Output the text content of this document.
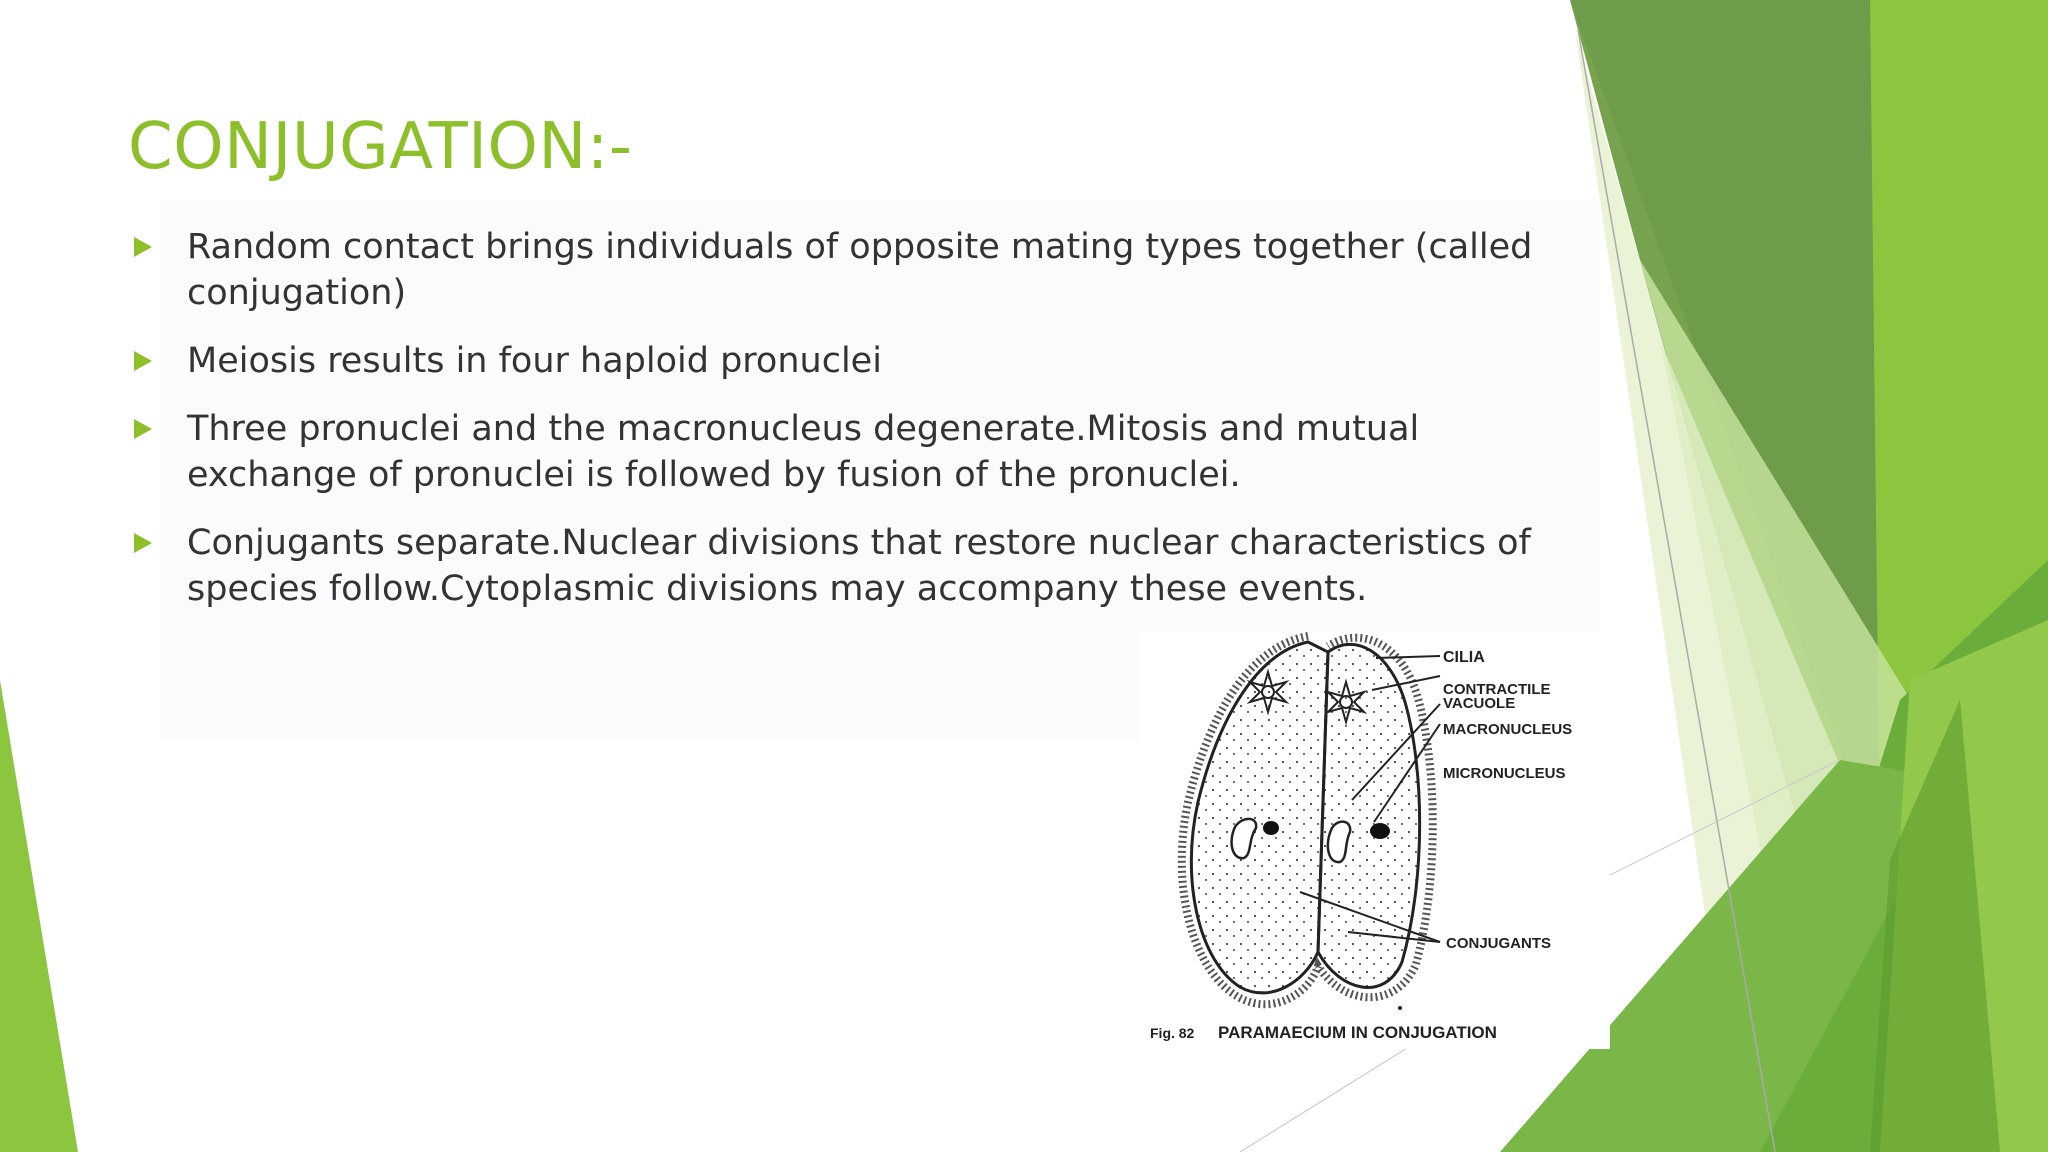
CONJUGATION:-
Random contact brings individuals of opposite mating types together (called conjugation)
Meiosis results in four haploid pronuclei
Three pronuclei and the macronucleus degenerate.Mitosis and mutual exchange of pronuclei is followed by fusion of the pronuclei.
Conjugants separate.Nuclear divisions that restore nuclear characteristics of species follow.Cytoplasmic divisions may accompany these events.
CILIA
CONTRACTILE
VACUOLE
MACRONUCLEUS
MICRONUCLEUS
CONJUGANTS
Fig. 82 PARAMAECIUM IN CONJUGATION
